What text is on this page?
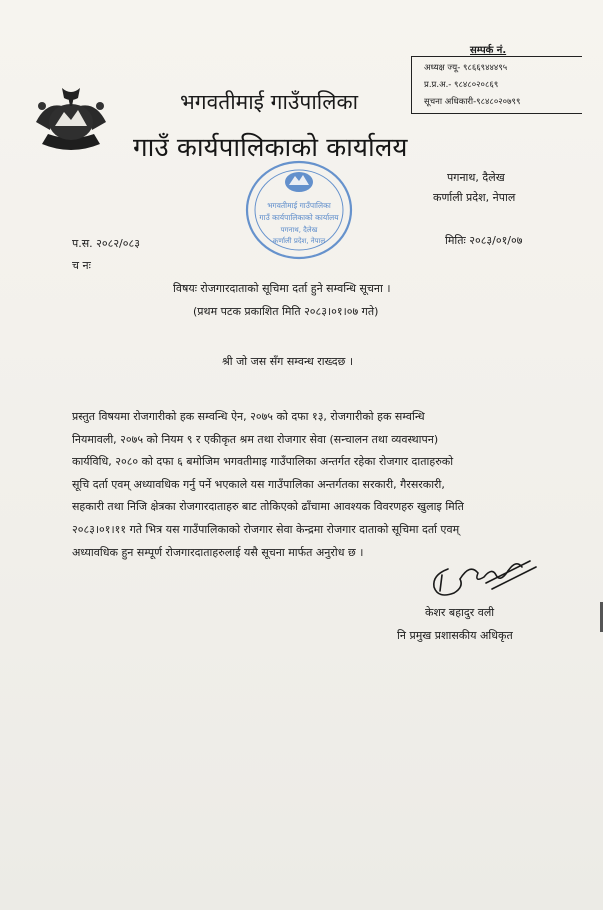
भगवतीमाई गाउँपालिका
गाउँ कार्यपालिकाको कार्यालय
सम्पर्क नं.
अध्यक्ष ज्यू- ९८६६९४४४९५
प्र.प्र.अ.- ९८४८०२०८६९
सूचना अधिकारी-९८४८०२०७९९
पगनाथ, दैलेख
कर्णाली प्रदेश, नेपाल
प.स. २०८२/०८३
च नः
मितिः २०८३/०१/०७
भगवतीमाई गाउँपालिका
गाउँ कार्यपालिकाको कार्यालय
पगनाथ, दैलेख
कर्णाली प्रदेश, नेपाल
विषयः रोजगारदाताको सूचिमा दर्ता हुने सम्वन्धि सूचना ।
(प्रथम पटक प्रकाशित मिति २०८३।०१।०७ गते)
श्री जो जस सँग सम्वन्ध राख्दछ ।
प्रस्तुत विषयमा रोजगारीको हक सम्वन्धि ऐन, २०७५ को दफा १३, रोजगारीको हक सम्वन्धि
नियमावली, २०७५ को नियम ९ र एकीकृत श्रम तथा रोजगार सेवा (सन्चालन तथा व्यवस्थापन)
कार्यविधि, २०८० को दफा ६ बमोजिम भगवतीमाइ गाउँपालिका अन्तर्गत रहेका रोजगार दाताहरुको
सूचि दर्ता एवम् अध्यावधिक गर्नु पर्ने भएकाले यस गाउँपालिका अन्तर्गतका सरकारी, गैरसरकारी,
सहकारी तथा निजि क्षेत्रका रोजगारदाताहरु बाट तोकिएको ढाँचामा आवश्यक विवरणहरु खुलाइ मिति
२०८३।०१।११ गते भित्र यस गाउँपालिकाको रोजगार सेवा केन्द्रमा रोजगार दाताको सूचिमा दर्ता एवम्
अध्यावधिक हुन सम्पूर्ण रोजगारदाताहरुलाई यसै सूचना मार्फत अनुरोध छ ।
केशर बहादुर वली
नि प्रमुख प्रशासकीय अधिकृत
